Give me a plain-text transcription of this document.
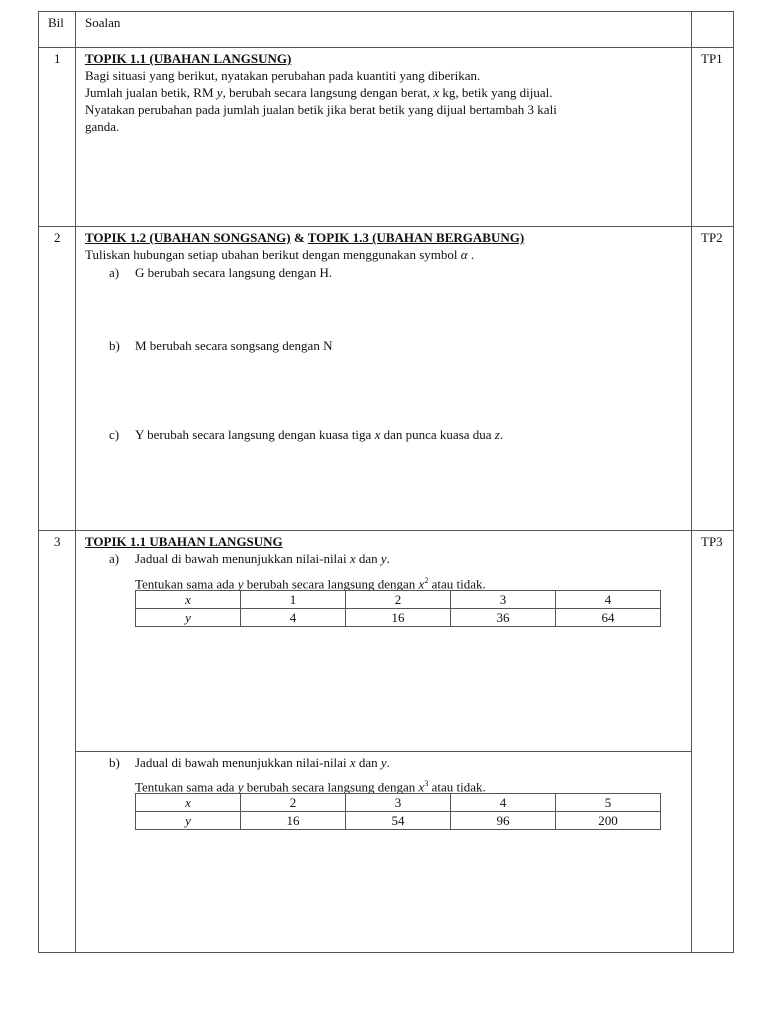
Bil Soalan
1 TOPIK 1.1 (UBAHAN LANGSUNG)
Bagi situasi yang berikut, nyatakan perubahan pada kuantiti yang diberikan.
Jumlah jualan betik, RM y, berubah secara langsung dengan berat, x kg, betik yang dijual.
Nyatakan perubahan pada jumlah jualan betik jika berat betik yang dijual bertambah 3 kali
ganda.
TP1
2 TOPIK 1.2 (UBAHAN SONGSANG) & TOPIK 1.3 (UBAHAN BERGABUNG)
Tuliskan hubungan setiap ubahan berikut dengan menggunakan symbol α .
a) G berubah secara langsung dengan H.
b) M berubah secara songsang dengan N
c) Y berubah secara langsung dengan kuasa tiga x dan punca kuasa dua z.
TP2
3 TOPIK 1.1 UBAHAN LANGSUNG	TP3
a) Jadual di bawah menunjukkan nilai-nilai x dan y.
Tentukan sama ada y berubah secara langsung dengan $x^2$ atau tidak.
x	1	2	3	4
y	4	16	36	64
b) Jadual di bawah menunjukkan nilai-nilai x dan y.
Tentukan sama ada y berubah secara langsung dengan $x^3$ atau tidak.
x	2	3	4	5
y	16	54	96	200
